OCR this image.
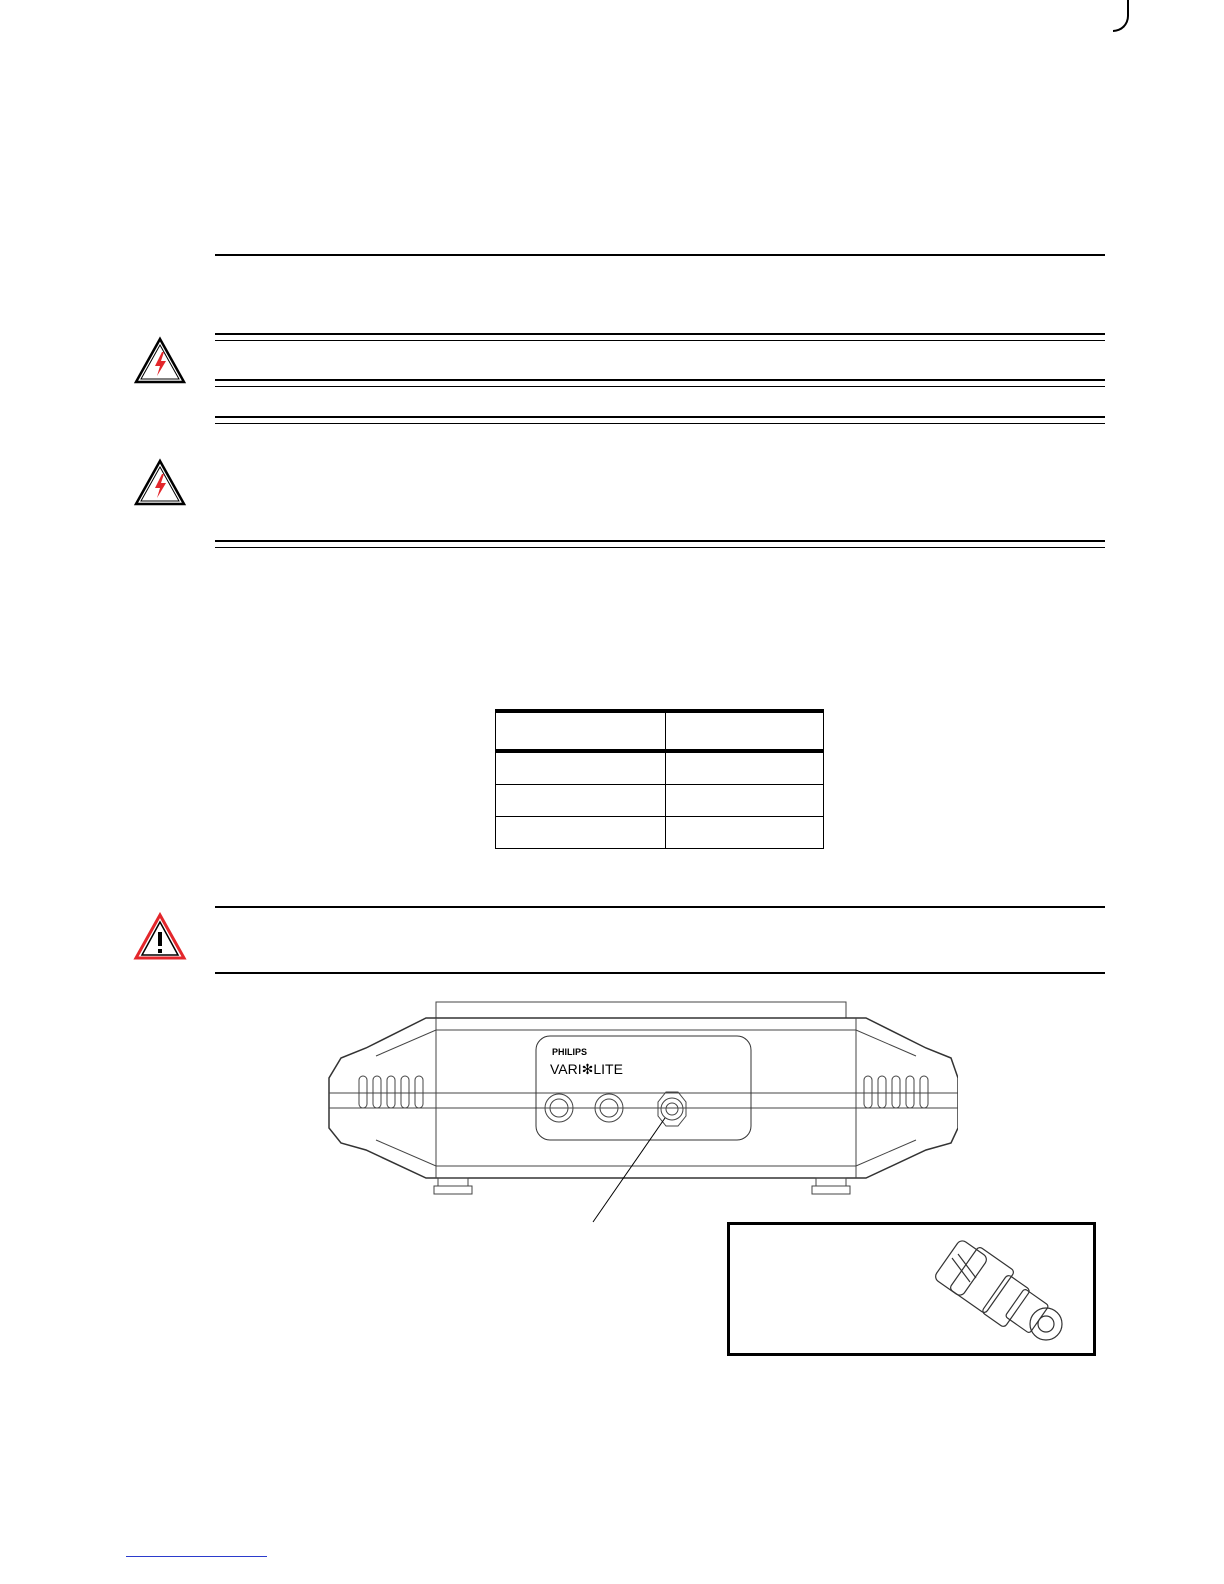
PHILIPS
VARI✻LITE
